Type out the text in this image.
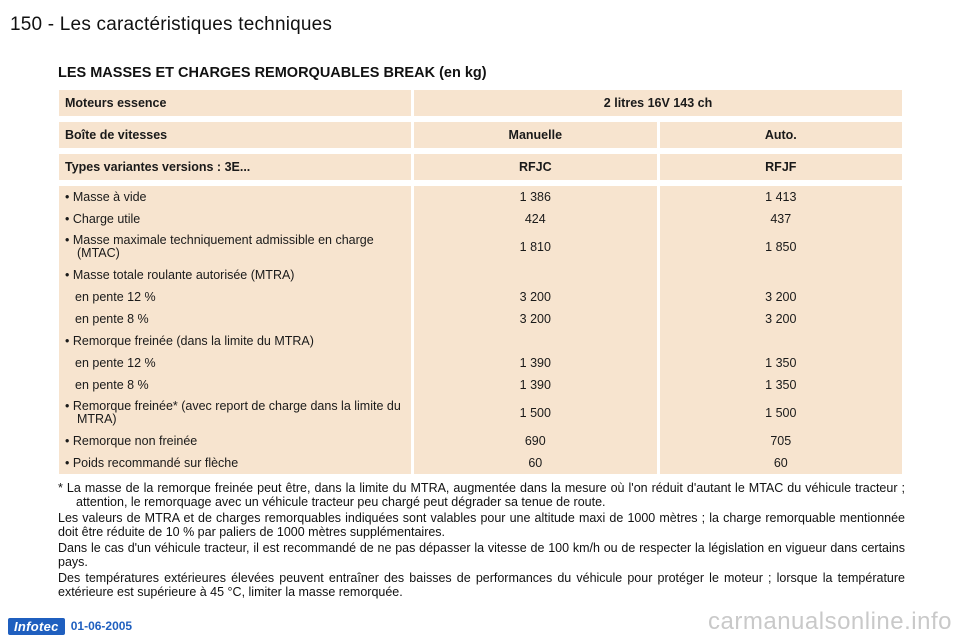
150 - Les caractéristiques techniques
LES MASSES ET CHARGES REMORQUABLES BREAK (en kg)
Moteurs essence	2 litres 16V 143 ch	

Boîte de vitesses	Manuelle	Auto.

Types variantes versions : 3E...	RFJC	RFJF

• Masse à vide	1 386	1 413

• Charge utile	424	437

• Masse maximale techniquement admissible en charge (MTAC)	1 810	1 850

• Masse totale roulante autorisée (MTRA)		

en pente 12 %	3 200	3 200

en pente 8 %	3 200	3 200

• Remorque freinée (dans la limite du MTRA)		

en pente 12 %	1 390	1 350

en pente 8 %	1 390	1 350

• Remorque freinée* (avec report de charge dans la limite du MTRA)	1 500	1 500

• Remorque non freinée	690	705

• Poids recommandé sur flèche	60	60

* La masse de la remorque freinée peut être, dans la limite du MTRA, augmentée dans la mesure où l'on réduit d'autant le MTAC du véhicule tracteur ; attention, le remorquage avec un véhicule tracteur peu chargé peut dégrader sa tenue de route.

Les valeurs de MTRA et de charges remorquables indiquées sont valables pour une altitude maxi de 1000 mètres ; la charge remorquable mentionnée doit être réduite de 10 % par paliers de 1000 mètres supplémentaires.

Dans le cas d'un véhicule tracteur, il est recommandé de ne pas dépasser la vitesse de 100 km/h ou de respecter la législation en vigueur dans certains pays.

Des températures extérieures élevées peuvent entraîner des baisses de performances du véhicule pour protéger le moteur ; lorsque la température extérieure est supérieure à 45 °C, limiter la masse remorquée.

Infotec	01-06-2005	carmanualsonline.info
